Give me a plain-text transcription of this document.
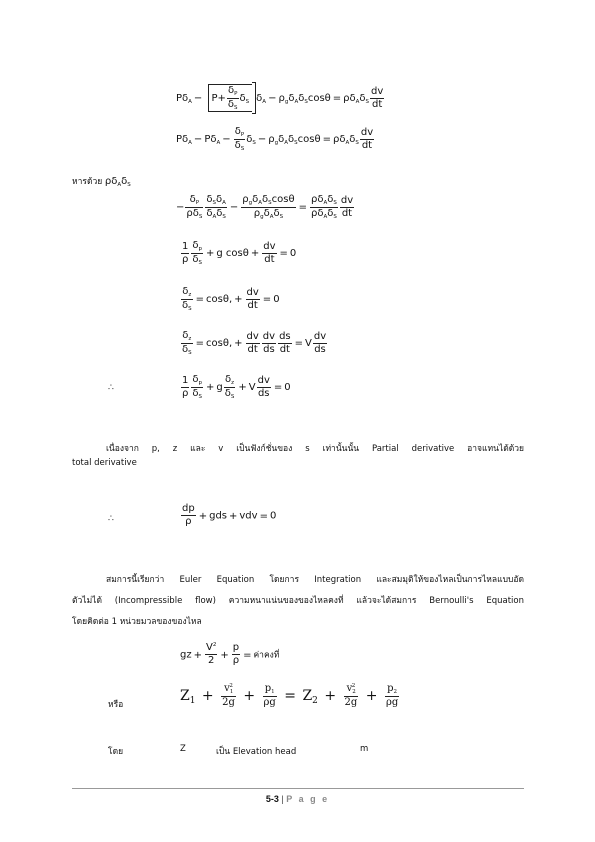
$P\delta_A - P+ \frac{\delta_P}{\delta_S} \delta_S$ $\delta_A - \rho_g\delta_A\delta_S\cos\theta = \rho\delta_A\delta_S \frac{dv}{dt}$
$P\delta_A - P\delta_A - \frac{\delta_P}{\delta_S} \delta_S - \rho_g\delta_A\delta_S\cos\theta = \rho\delta_A\delta_S \frac{dv}{dt}$
หารด้วย $\rho\delta_A\delta_S$
− $\frac{\delta_P}{\rho\delta_S} \frac{\delta_S\delta_A}{\delta_A\delta_S} - \frac{\rho_g\delta_A\delta_S\cos\theta}{\rho_g\delta_A\delta_S} = \frac{\rho\delta_A\delta_S}{\rho\delta_A\delta_S} \frac{dv}{dt}$
$\frac{1}{\rho} \frac{\delta_p}{\delta_S} + g$ $\cos\theta + \frac{dv}{dt} = 0$
$\frac{\delta_z}{\delta_S} = \cos\theta$, + $\frac{dv}{dt} = 0$
$\frac{\delta_z}{\delta_S} = \cos\theta$, + $\frac{dv}{dt} \frac{dv}{ds} \frac{ds}{dt} = V \frac{dv}{ds}$
∴	$\frac{1}{\rho} \frac{\delta_p}{\delta_S} + g \frac{\delta_z}{\delta_S} + V \frac{dv}{ds} = 0$
เนื่องจาก p, z และ v เป็นฟังก์ชั่นของ s เท่านั้นนั้น Partial derivative อาจแทนได้ด้วย
total derivative
∴	$\frac{dp}{\rho}$ + gds + vdv = 0
สมการนี้เรียกว่า Euler Equation โดยการ Integration และสมมุติให้ของไหลเป็นการไหลแบบอัด
ตัวไม่ได้ (Incompressible flow) ความหนาแน่นของของไหลคงที่ แล้วจะได้สมการ Bernoulli's Equation
โดยคิดต่อ 1 หน่วยมวลของของไหล
gz + $\frac{V^2}{2} + \frac{p}{\rho}$ = ค่าคงที่
หรือ
$Z_1 + \frac{v_1^2}{2g} + \frac{p_1}{\rho g} = Z_2 + \frac{v_2^2}{2g} + \frac{p_2}{\rho g}$
โดย	Z	เป็น Elevation head	m
5-3 | P a g e
